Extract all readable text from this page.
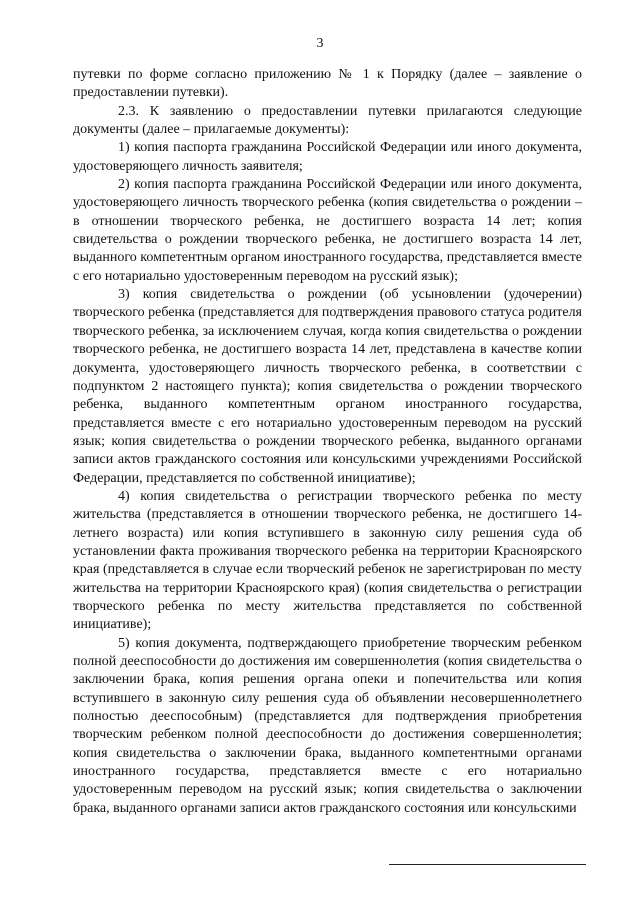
3

путевки по форме согласно приложению № 1 к Порядку (далее – заявление о предоставлении путевки).

2.3. К заявлению о предоставлении путевки прилагаются следующие документы (далее – прилагаемые документы):

1) копия паспорта гражданина Российской Федерации или иного документа, удостоверяющего личность заявителя;

2) копия паспорта гражданина Российской Федерации или иного документа, удостоверяющего личность творческого ребенка (копия свидетельства о рождении – в отношении творческого ребенка, не достигшего возраста 14 лет; копия свидетельства о рождении творческого ребенка, не достигшего возраста 14 лет, выданного компетентным органом иностранного государства, представляется вместе с его нотариально удостоверенным переводом на русский язык);

3) копия свидетельства о рождении (об усыновлении (удочерении) творческого ребенка (представляется для подтверждения правового статуса родителя творческого ребенка, за исключением случая, когда копия свидетельства о рождении творческого ребенка, не достигшего возраста 14 лет, представлена в качестве копии документа, удостоверяющего личность творческого ребенка, в соответствии с подпунктом 2 настоящего пункта); копия свидетельства о рождении творческого ребенка, выданного компетентным органом иностранного государства, представляется вместе с его нотариально удостоверенным переводом на русский язык; копия свидетельства о рождении творческого ребенка, выданного органами записи актов гражданского состояния или консульскими учреждениями Российской Федерации, представляется по собственной инициативе);

4) копия свидетельства о регистрации творческого ребенка по месту жительства (представляется в отношении творческого ребенка, не достигшего 14-летнего возраста) или копия вступившего в законную силу решения суда об установлении факта проживания творческого ребенка на территории Красноярского края (представляется в случае если творческий ребенок не зарегистрирован по месту жительства на территории Красноярского края) (копия свидетельства о регистрации творческого ребенка по месту жительства представляется по собственной инициативе);

5) копия документа, подтверждающего приобретение творческим ребенком полной дееспособности до достижения им совершеннолетия (копия свидетельства о заключении брака, копия решения органа опеки и попечительства или копия вступившего в законную силу решения суда об объявлении несовершеннолетнего полностью дееспособным) (представляется для подтверждения приобретения творческим ребенком полной дееспособности до достижения совершеннолетия; копия свидетельства о заключении брака, выданного компетентными органами иностранного государства, представляется вместе с его нотариально удостоверенным переводом на русский язык; копия свидетельства о заключении брака, выданного органами записи актов гражданского состояния или консульскими
